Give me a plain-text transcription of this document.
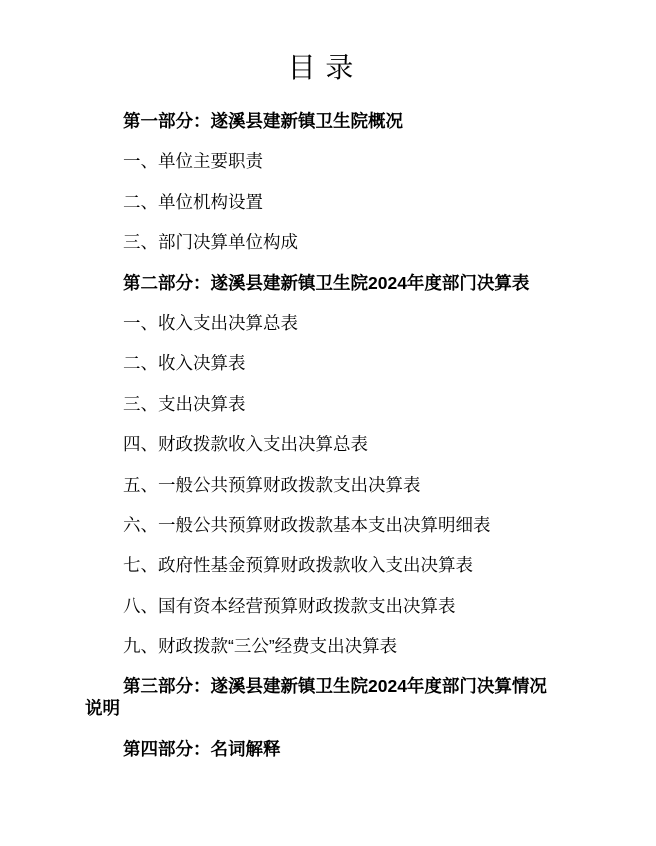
目 录

第一部分：遂溪县建新镇卫生院概况

一、单位主要职责

二、单位机构设置

三、部门决算单位构成

第二部分：遂溪县建新镇卫生院2024年度部门决算表

一、收入支出决算总表

二、收入决算表

三、支出决算表

四、财政拨款收入支出决算总表

五、一般公共预算财政拨款支出决算表

六、一般公共预算财政拨款基本支出决算明细表

七、政府性基金预算财政拨款收入支出决算表

八、国有资本经营预算财政拨款支出决算表

九、财政拨款“三公”经费支出决算表

第三部分：遂溪县建新镇卫生院2024年度部门决算情况说明

第四部分：名词解释
